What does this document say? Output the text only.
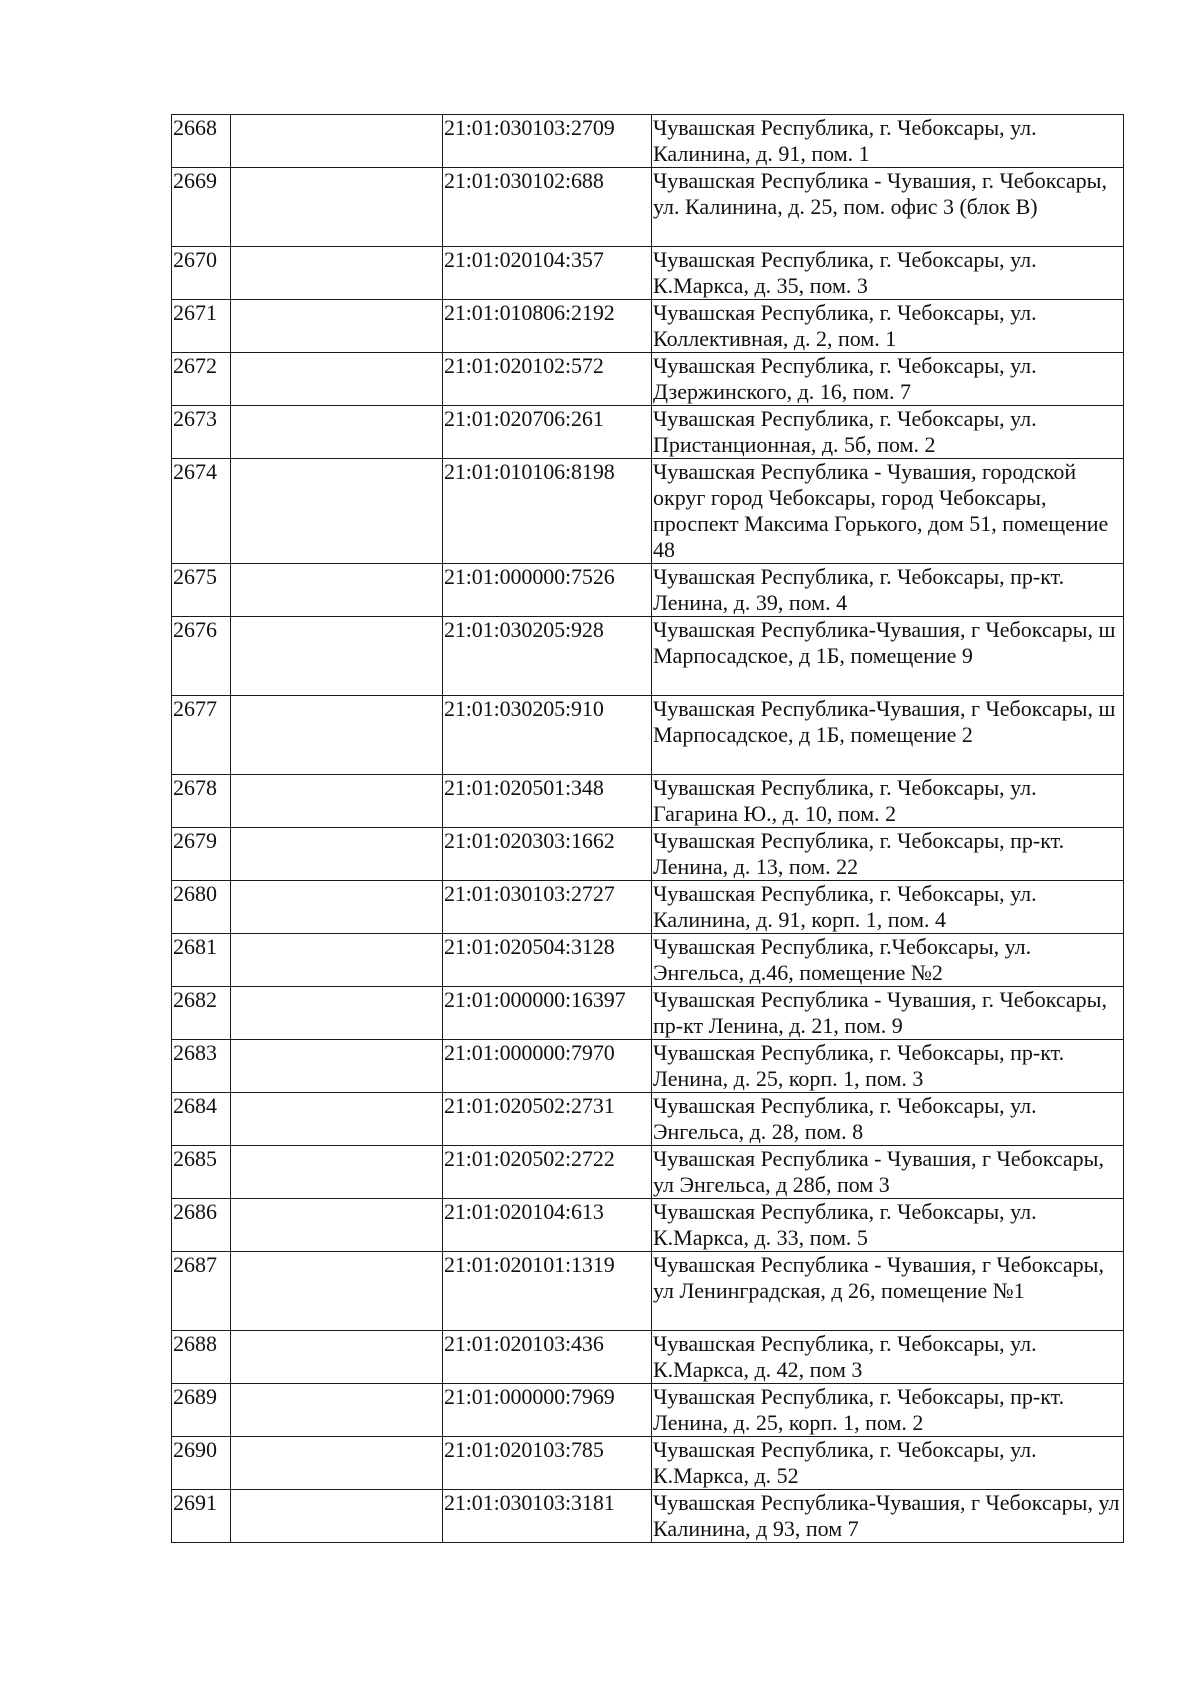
2668		21:01:030103:2709	Чувашская Республика, г. Чебоксары, ул. Калинина, д. 91, пом. 1
2669		21:01:030102:688	Чувашская Республика - Чувашия, г. Чебоксары, ул. Калинина, д. 25, пом. офис 3 (блок В)
2670		21:01:020104:357	Чувашская Республика, г. Чебоксары, ул. К.Маркса, д. 35, пом. 3
2671		21:01:010806:2192	Чувашская Республика, г. Чебоксары, ул. Коллективная, д. 2, пом. 1
2672		21:01:020102:572	Чувашская Республика, г. Чебоксары, ул. Дзержинского, д. 16, пом. 7
2673		21:01:020706:261	Чувашская Республика, г. Чебоксары, ул. Пристанционная, д. 5б, пом. 2
2674		21:01:010106:8198	Чувашская Республика - Чувашия, городской округ город Чебоксары, город Чебоксары, проспект Максима Горького, дом 51, помещение 48
2675		21:01:000000:7526	Чувашская Республика, г. Чебоксары, пр-кт. Ленина, д. 39, пом. 4
2676		21:01:030205:928	Чувашская Республика-Чувашия, г Чебоксары, ш Марпосадское, д 1Б, помещение 9
2677		21:01:030205:910	Чувашская Республика-Чувашия, г Чебоксары, ш Марпосадское, д 1Б, помещение 2
2678		21:01:020501:348	Чувашская Республика, г. Чебоксары, ул. Гагарина Ю., д. 10, пом. 2
2679		21:01:020303:1662	Чувашская Республика, г. Чебоксары, пр-кт. Ленина, д. 13, пом. 22
2680		21:01:030103:2727	Чувашская Республика, г. Чебоксары, ул. Калинина, д. 91, корп. 1, пом. 4
2681		21:01:020504:3128	Чувашская Республика, г.Чебоксары, ул. Энгельса, д.46, помещение №2
2682		21:01:000000:16397	Чувашская Республика - Чувашия, г. Чебоксары, пр-кт Ленина, д. 21, пом. 9
2683		21:01:000000:7970	Чувашская Республика, г. Чебоксары, пр-кт. Ленина, д. 25, корп. 1, пом. 3
2684		21:01:020502:2731	Чувашская Республика, г. Чебоксары, ул. Энгельса, д. 28, пом. 8
2685		21:01:020502:2722	Чувашская Республика - Чувашия, г Чебоксары, ул Энгельса, д 28б, пом 3
2686		21:01:020104:613	Чувашская Республика, г. Чебоксары, ул. К.Маркса, д. 33, пом. 5
2687		21:01:020101:1319	Чувашская Республика - Чувашия, г Чебоксары, ул Ленинградская, д 26, помещение №1
2688		21:01:020103:436	Чувашская Республика, г. Чебоксары, ул. К.Маркса, д. 42, пом 3
2689		21:01:000000:7969	Чувашская Республика, г. Чебоксары, пр-кт. Ленина, д. 25, корп. 1, пом. 2
2690		21:01:020103:785	Чувашская Республика, г. Чебоксары, ул. К.Маркса, д. 52
2691		21:01:030103:3181	Чувашская Республика-Чувашия, г Чебоксары, ул Калинина, д 93, пом 7
